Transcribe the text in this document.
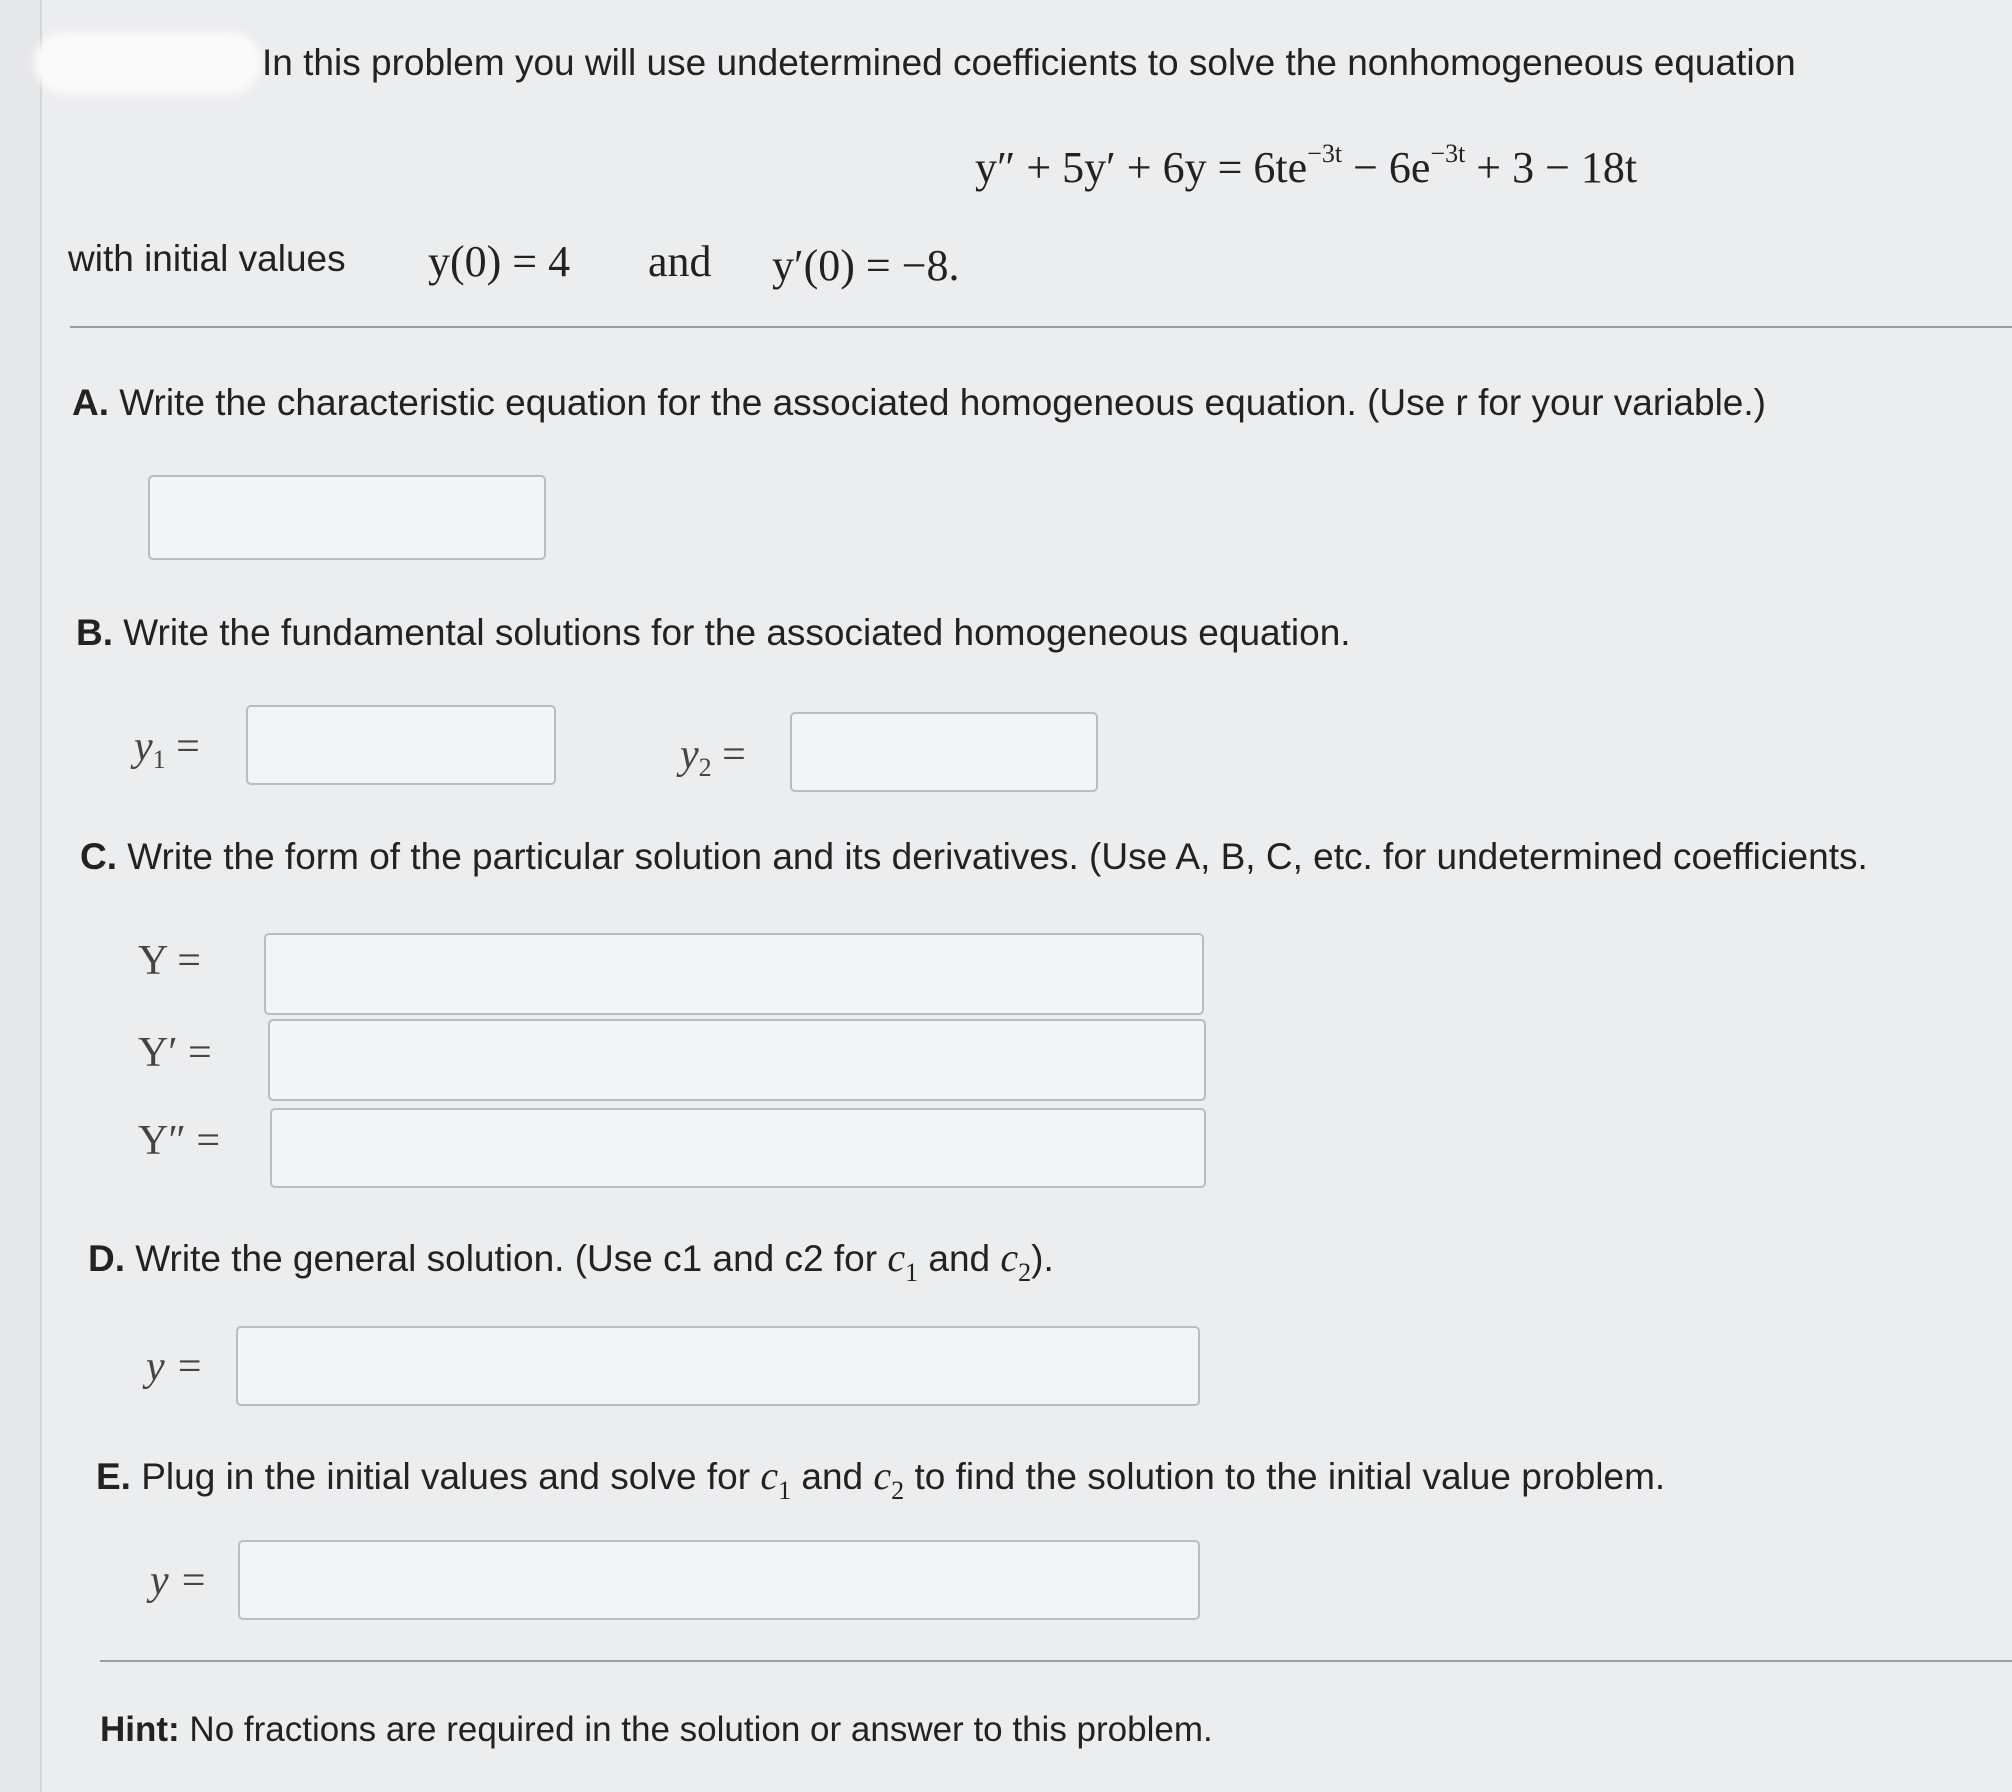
In this problem you will use undetermined coefficients to solve the nonhomogeneous equation
$y'' + 5y' + 6y = 6te^{-3t} - 6e^{-3t} + 3 - 18t$
with initial values y(0) = 4 and y′(0) = −8.
A. Write the characteristic equation for the associated homogeneous equation. (Use r for your variable.)
B. Write the fundamental solutions for the associated homogeneous equation.
$y_1$ =	$y_2$ =
C. Write the form of the particular solution and its derivatives. (Use A, B, C, etc. for undetermined coefficients.
Y =
Y′ =
Y″ =
D. Write the general solution. (Use c1 and c2 for $c_1$ and $c_2$).
y =
E. Plug in the initial values and solve for $c_1$ and $c_2$ to find the solution to the initial value problem.
y =
Hint: No fractions are required in the solution or answer to this problem.
